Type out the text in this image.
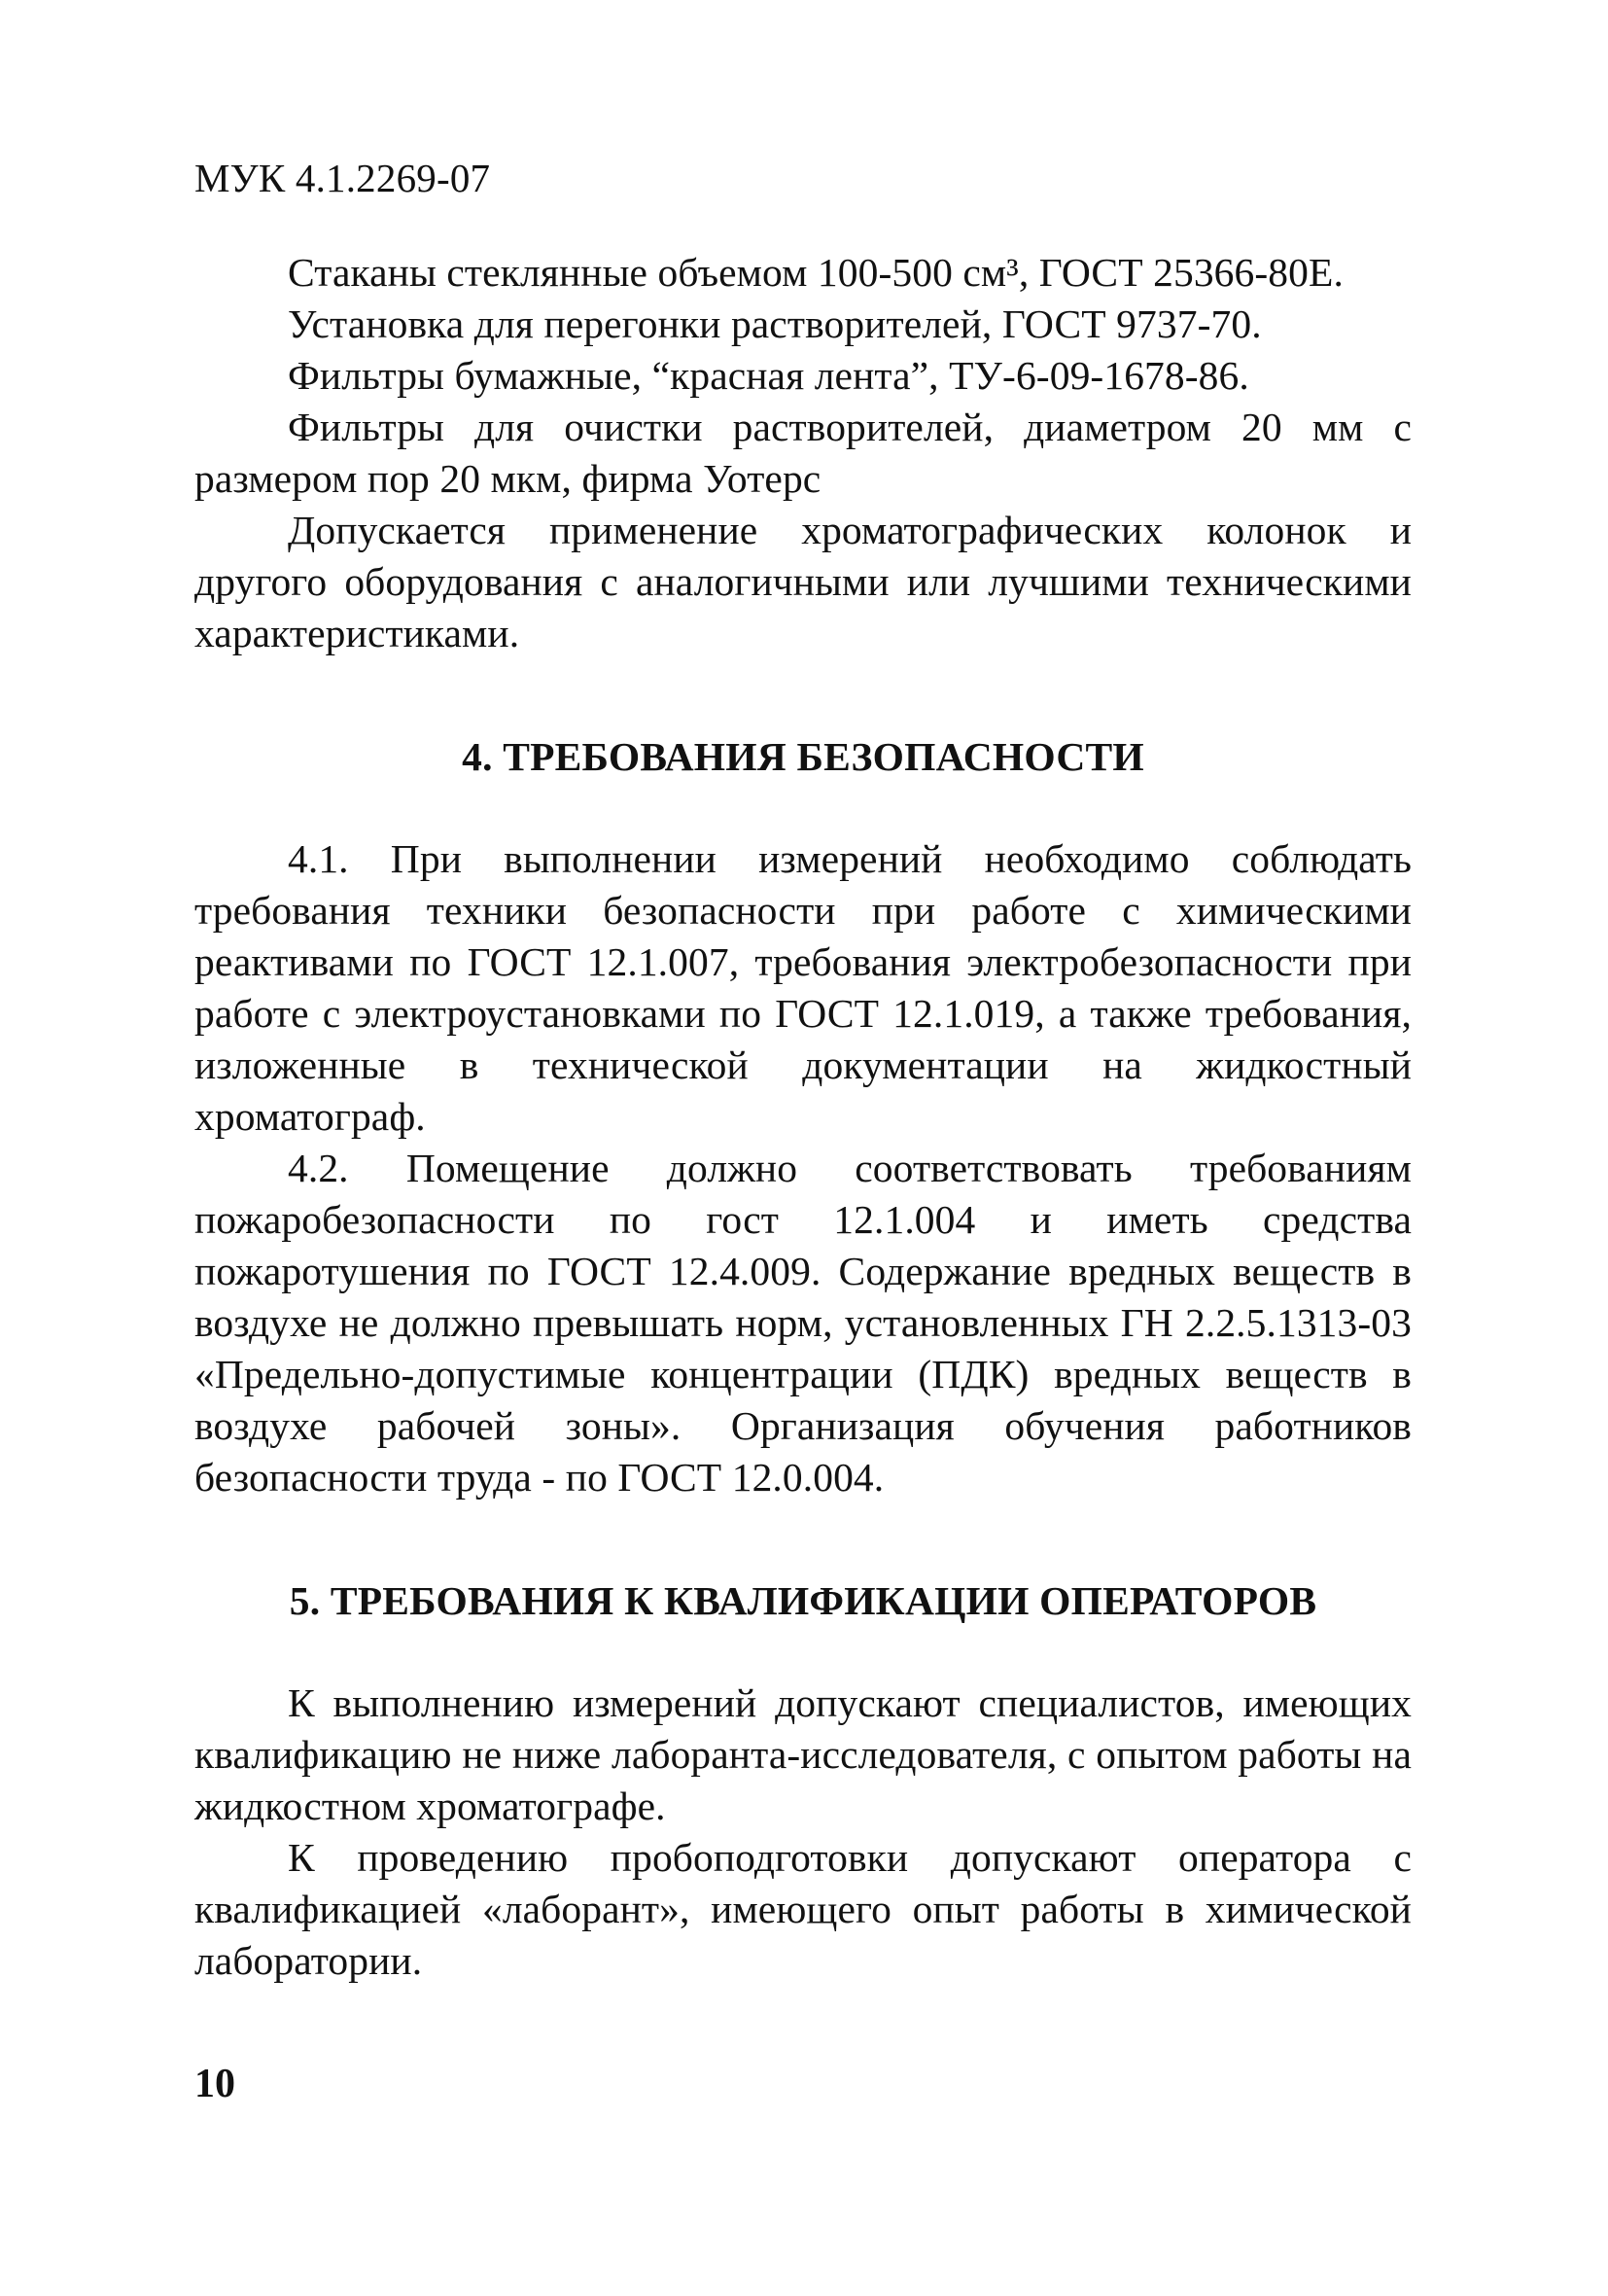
МУК 4.1.2269-07

Стаканы стеклянные объемом 100-500 см³, ГОСТ 25366-80Е.

Установка для перегонки растворителей, ГОСТ 9737-70.

Фильтры бумажные, “красная лента”, ТУ-6-09-1678-86.

Фильтры для очистки растворителей, диаметром 20 мм с размером пор 20 мкм, фирма Уотерс

Допускается применение хроматографических колонок и другого оборудования с аналогичными или лучшими техническими характеристиками.

4. ТРЕБОВАНИЯ БЕЗОПАСНОСТИ

4.1. При выполнении измерений необходимо соблюдать требования техники безопасности при работе с химическими реактивами по ГОСТ 12.1.007, требования электробезопасности при работе с электроустановками по ГОСТ 12.1.019, а также требования, изложенные в технической документации на жидкостный хроматограф.

4.2. Помещение должно соответствовать требованиям пожаробезопасности по гост 12.1.004 и иметь средства пожаротушения по ГОСТ 12.4.009. Содержание вредных веществ в воздухе не должно превышать норм, установленных ГН 2.2.5.1313-03 «Предельно-допустимые концентрации (ПДК) вредных веществ в воздухе рабочей зоны». Организация обучения работников безопасности труда - по ГОСТ 12.0.004.

5. ТРЕБОВАНИЯ К КВАЛИФИКАЦИИ ОПЕРАТОРОВ

К выполнению измерений допускают специалистов, имеющих квалификацию не ниже лаборанта-исследователя, с опытом работы на жидкостном хроматографе.

К проведению пробоподготовки допускают оператора с квалификацией «лаборант», имеющего опыт работы в химической лаборатории.

10
